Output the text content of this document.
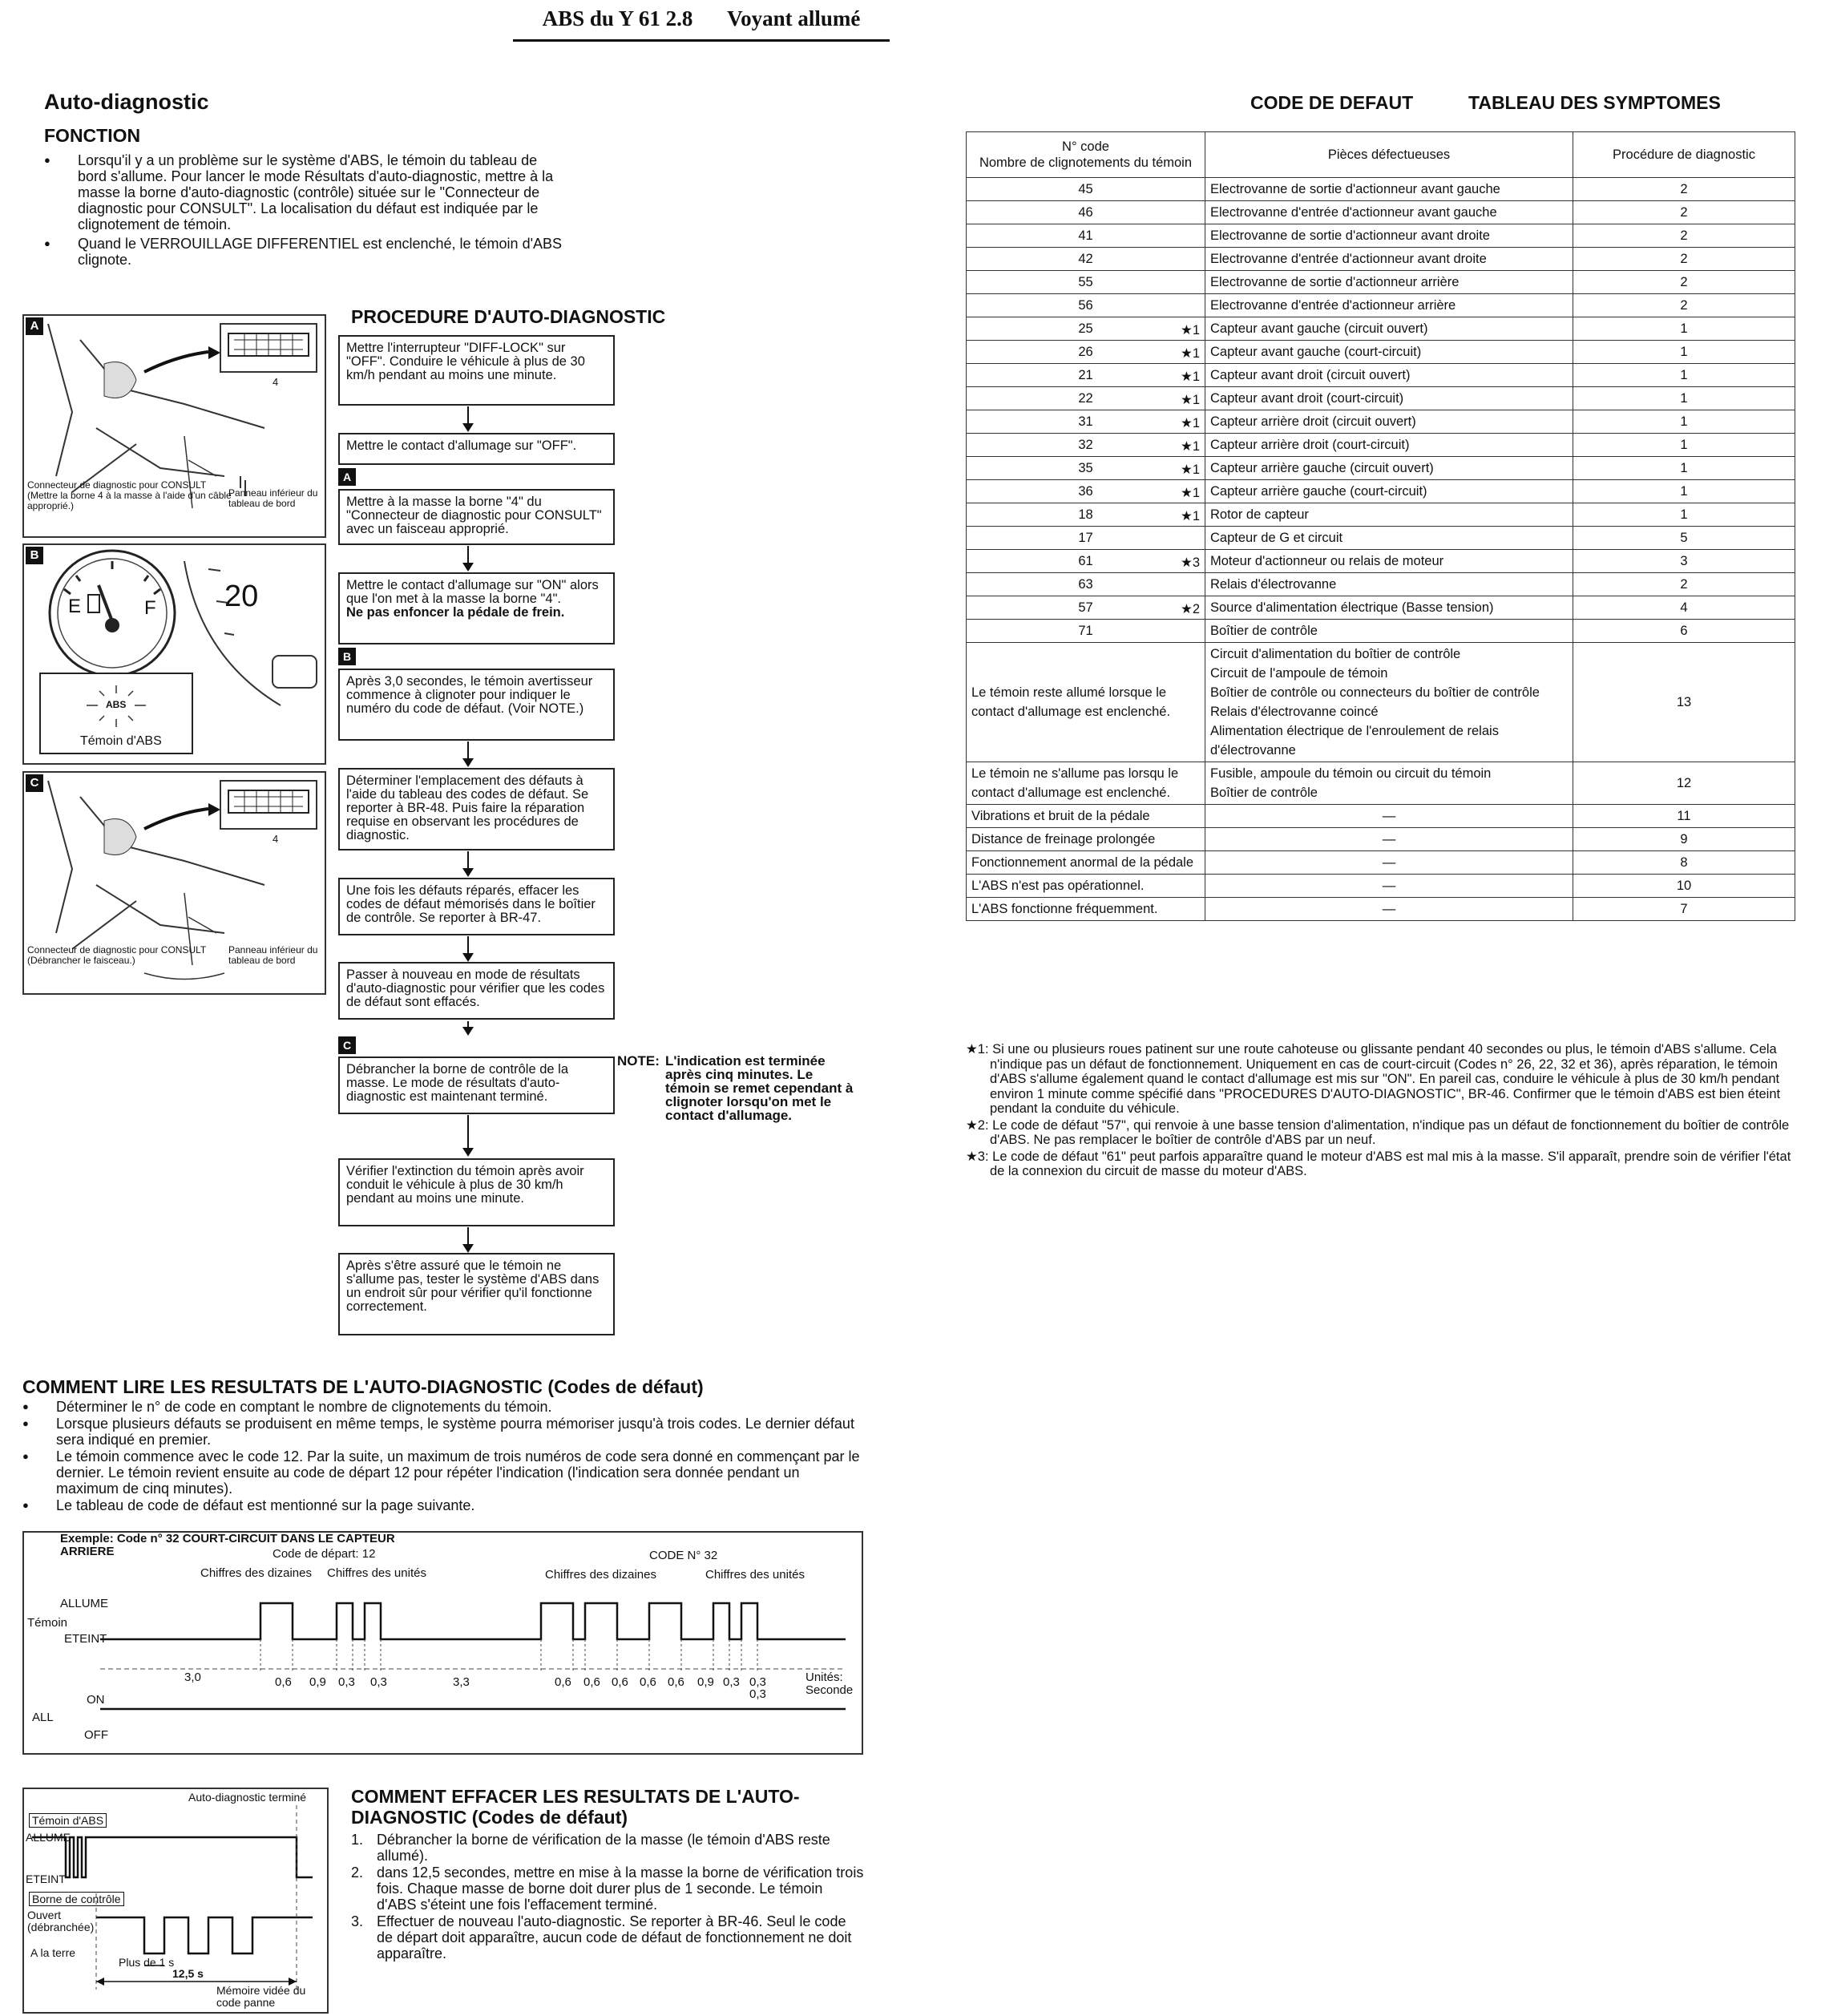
ABS du Y 61 2.8 Voyant allumé
Auto-diagnostic
FONCTION
● Lorsqu'il y a un problème sur le système d'ABS, le témoin du tableau de bord s'allume. Pour lancer le mode Résultats d'auto-diagnostic, mettre à la masse la borne d'auto-diagnostic (contrôle) située sur le "Connecteur de diagnostic pour CONSULT". La localisation du défaut est indiquée par le clignotement de témoin.
● Quand le VERROUILLAGE DIFFERENTIEL est enclenché, le témoin d'ABS clignote.
A
4
Connecteur de diagnostic pour CONSULT (Mettre la borne 4 à la masse à l'aide d'un câble approprié.)
Panneau inférieur du tableau de bord
B
E	F 20
ABS
Témoin d'ABS
C
4
Connecteur de diagnostic pour CONSULT (Débrancher le faisceau.)
Panneau inférieur du tableau de bord
PROCEDURE D'AUTO-DIAGNOSTIC
Mettre l'interrupteur "DIFF-LOCK" sur "OFF". Conduire le véhicule à plus de 30 km/h pendant au moins une minute.
Mettre le contact d'allumage sur "OFF".
A
Mettre à la masse la borne "4" du "Connecteur de diagnostic pour CONSULT" avec un faisceau approprié.
Mettre le contact d'allumage sur "ON" alors que l'on met à la masse la borne "4".
Ne pas enfoncer la pédale de frein.
B
Après 3,0 secondes, le témoin avertisseur commence à clignoter pour indiquer le numéro du code de défaut. (Voir NOTE.)
Déterminer l'emplacement des défauts à l'aide du tableau des codes de défaut. Se reporter à BR-48. Puis faire la réparation requise en observant les procédures de diagnostic.
Une fois les défauts réparés, effacer les codes de défaut mémorisés dans le boîtier de contrôle. Se reporter à BR-47.
Passer à nouveau en mode de résultats d'auto-diagnostic pour vérifier que les codes de défaut sont effacés.
C
Débrancher la borne de contrôle de la masse. Le mode de résultats d'auto-diagnostic est maintenant terminé.
Vérifier l'extinction du témoin après avoir conduit le véhicule à plus de 30 km/h pendant au moins une minute.
Après s'être assuré que le témoin ne s'allume pas, tester le système d'ABS dans un endroit sûr pour vérifier qu'il fonctionne correctement.
NOTE: L'indication est terminée après cinq minutes. Le témoin se remet cependant à clignoter lorsqu'on met le contact d'allumage.
CODE DE DEFAUT	TABLEAU DES SYMPTOMES
N° code
Nombre de clignotements du témoin	Pièces défectueuses	Procédure de diagnostic
45	Electrovanne de sortie d'actionneur avant gauche	2
46	Electrovanne d'entrée d'actionneur avant gauche	2
41	Electrovanne de sortie d'actionneur avant droite	2
42	Electrovanne d'entrée d'actionneur avant droite	2
55	Electrovanne de sortie d'actionneur arrière	2
56	Electrovanne d'entrée d'actionneur arrière	2
25 ★1	Capteur avant gauche (circuit ouvert)	1
26 ★1	Capteur avant gauche (court-circuit)	1
21 ★1	Capteur avant droit (circuit ouvert)	1
22 ★1	Capteur avant droit (court-circuit)	1
31 ★1	Capteur arrière droit (circuit ouvert)	1
32 ★1	Capteur arrière droit (court-circuit)	1
35 ★1	Capteur arrière gauche (circuit ouvert)	1
36 ★1	Capteur arrière gauche (court-circuit)	1
18 ★1	Rotor de capteur	1
17	Capteur de G et circuit	5
61 ★3	Moteur d'actionneur ou relais de moteur	3
63	Relais d'électrovanne	2
57 ★2	Source d'alimentation électrique (Basse tension)	4
71	Boîtier de contrôle	6
Le témoin reste allumé lorsque le contact d'allumage est enclenché.	Circuit d'alimentation du boîtier de contrôle
Circuit de l'ampoule de témoin
Boîtier de contrôle ou connecteurs du boîtier de contrôle
Relais d'électrovanne coincé
Alimentation électrique de l'enroulement de relais d'électrovanne	13
Le témoin ne s'allume pas lorsqu le contact d'allumage est enclenché.	Fusible, ampoule du témoin ou circuit du témoin
Boîtier de contrôle	12
Vibrations et bruit de la pédale	—	11
Distance de freinage prolongée	—	9
Fonctionnement anormal de la pédale	—	8
L'ABS n'est pas opérationnel.	—	10
L'ABS fonctionne fréquemment.	—	7

★1: Si une ou plusieurs roues patinent sur une route cahoteuse ou glissante pendant 40 secondes ou plus, le témoin d'ABS s'allume. Cela n'indique pas un défaut de fonctionnement. Uniquement en cas de court-circuit (Codes n° 26, 22, 32 et 36), après réparation, le témoin d'ABS s'allume également quand le contact d'allumage est mis sur "ON". En pareil cas, conduire le véhicule à plus de 30 km/h pendant environ 1 minute comme spécifié dans "PROCEDURES D'AUTO-DIAGNOSTIC", BR-46. Confirmer que le témoin d'ABS est bien éteint pendant la conduite du véhicule.

★2: Le code de défaut "57", qui renvoie à une basse tension d'alimentation, n'indique pas un défaut de fonctionnement du boîtier de contrôle d'ABS. Ne pas remplacer le boîtier de contrôle d'ABS par un neuf.

★3: Le code de défaut "61" peut parfois apparaître quand le moteur d'ABS est mal mis à la masse. S'il apparaît, prendre soin de vérifier l'état de la connexion du circuit de masse du moteur d'ABS.

COMMENT LIRE LES RESULTATS DE L'AUTO-DIAGNOSTIC (Codes de défaut)
● Déterminer le n° de code en comptant le nombre de clignotements du témoin.
● Lorsque plusieurs défauts se produisent en même temps, le système pourra mémoriser jusqu'à trois codes. Le dernier défaut sera indiqué en premier.
● Le témoin commence avec le code 12. Par la suite, un maximum de trois numéros de code sera donné en commençant par le dernier. Le témoin revient ensuite au code de départ 12 pour répéter l'indication (l'indication sera donnée pendant un maximum de cinq minutes).
● Le tableau de code de défaut est mentionné sur la page suivante.
Exemple: Code n° 32 COURT-CIRCUIT DANS LE CAPTEUR ARRIERE	Code de départ: 12	CODE N° 32
Chiffres des dizaines Chiffres des unités	Chiffres des dizaines	Chiffres des unités
ALLUME
Témoin
ETEINT
3,0	0,6 0,9 0,3 0,3	3,3	0,6 0,6 0,6 0,6 0,6 0,9 0,3 0,3
0,3
Unités:
Seconde
ON
ALL
OFF
Auto-diagnostic terminé
Témoin d'ABS
ALLUME
ETEINT
Borne de contrôle
Ouvert (débranchée)
A la terre
Plus de 1 s
12,5 s
Mémoire vidée du code panne
COMMENT EFFACER LES RESULTATS DE L'AUTO-DIAGNOSTIC (Codes de défaut)
1. Débrancher la borne de vérification de la masse (le témoin d'ABS reste allumé).
2. dans 12,5 secondes, mettre en mise à la masse la borne de vérification trois fois. Chaque masse de borne doit durer plus de 1 seconde. Le témoin d'ABS s'éteint une fois l'effacement terminé.
3. Effectuer de nouveau l'auto-diagnostic. Se reporter à BR-46. Seul le code de départ doit apparaître, aucun code de défaut de fonctionnement ne doit apparaître.
